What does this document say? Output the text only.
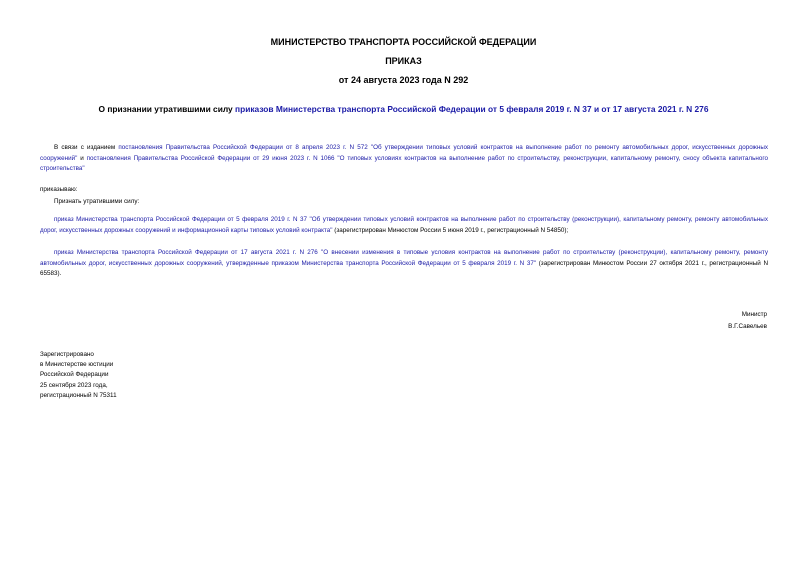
МИНИСТЕРСТВО ТРАНСПОРТА РОССИЙСКОЙ ФЕДЕРАЦИИ
ПРИКАЗ
от 24 августа 2023 года N 292
О признании утратившими силу приказов Министерства транспорта Российской Федерации от 5 февраля 2019 г. N 37 и от 17 августа 2021 г. N 276
В связи с изданием постановления Правительства Российской Федерации от 8 апреля 2023 г. N 572 "Об утверждении типовых условий контрактов на выполнение работ по ремонту автомобильных дорог, искусственных дорожных сооружений" и постановления Правительства Российской Федерации от 29 июня 2023 г. N 1066 "О типовых условиях контрактов на выполнение работ по строительству, реконструкции, капитальному ремонту, сносу объекта капитального строительства"
приказываю:
Признать утратившими силу:
приказ Министерства транспорта Российской Федерации от 5 февраля 2019 г. N 37 "Об утверждении типовых условий контрактов на выполнение работ по строительству (реконструкции), капитальному ремонту, ремонту автомобильных дорог, искусственных дорожных сооружений и информационной карты типовых условий контракта" (зарегистрирован Минюстом России 5 июня 2019 г., регистрационный N 54850);
приказ Министерства транспорта Российской Федерации от 17 августа 2021 г. N 276 "О внесении изменения в типовые условия контрактов на выполнение работ по строительству (реконструкции), капитальному ремонту, ремонту автомобильных дорог, искусственных дорожных сооружений, утвержденные приказом Министерства транспорта Российской Федерации от 5 февраля 2019 г. N 37" (зарегистрирован Минюстом России 27 октября 2021 г., регистрационный N 65583).
Министр
В.Г.Савельев
Зарегистрировано
в Министерстве юстиции
Российской Федерации
25 сентября 2023 года,
регистрационный N 75311
